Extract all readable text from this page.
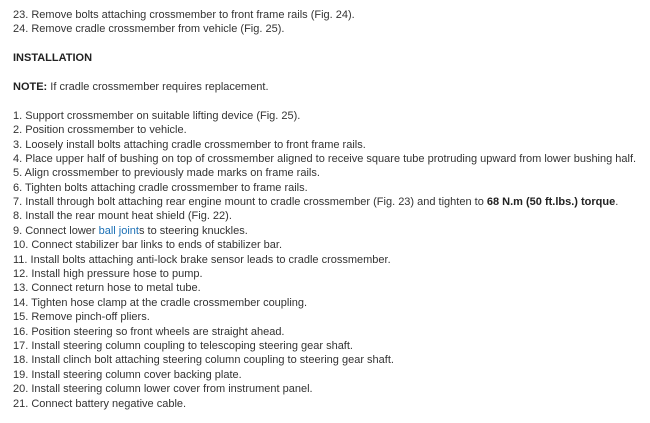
23. Remove bolts attaching crossmember to front frame rails (Fig. 24).
24. Remove cradle crossmember from vehicle (Fig. 25).
INSTALLATION
NOTE: If cradle crossmember requires replacement.
1. Support crossmember on suitable lifting device (Fig. 25).
2. Position crossmember to vehicle.
3. Loosely install bolts attaching cradle crossmember to front frame rails.
4. Place upper half of bushing on top of crossmember aligned to receive square tube protruding upward from lower bushing half.
5. Align crossmember to previously made marks on frame rails.
6. Tighten bolts attaching cradle crossmember to frame rails.
7. Install through bolt attaching rear engine mount to cradle crossmember (Fig. 23) and tighten to 68 N.m (50 ft.lbs.) torque.
8. Install the rear mount heat shield (Fig. 22).
9. Connect lower ball joints to steering knuckles.
10. Connect stabilizer bar links to ends of stabilizer bar.
11. Install bolts attaching anti-lock brake sensor leads to cradle crossmember.
12. Install high pressure hose to pump.
13. Connect return hose to metal tube.
14. Tighten hose clamp at the cradle crossmember coupling.
15. Remove pinch-off pliers.
16. Position steering so front wheels are straight ahead.
17. Install steering column coupling to telescoping steering gear shaft.
18. Install clinch bolt attaching steering column coupling to steering gear shaft.
19. Install steering column cover backing plate.
20. Install steering column lower cover from instrument panel.
21. Connect battery negative cable.
